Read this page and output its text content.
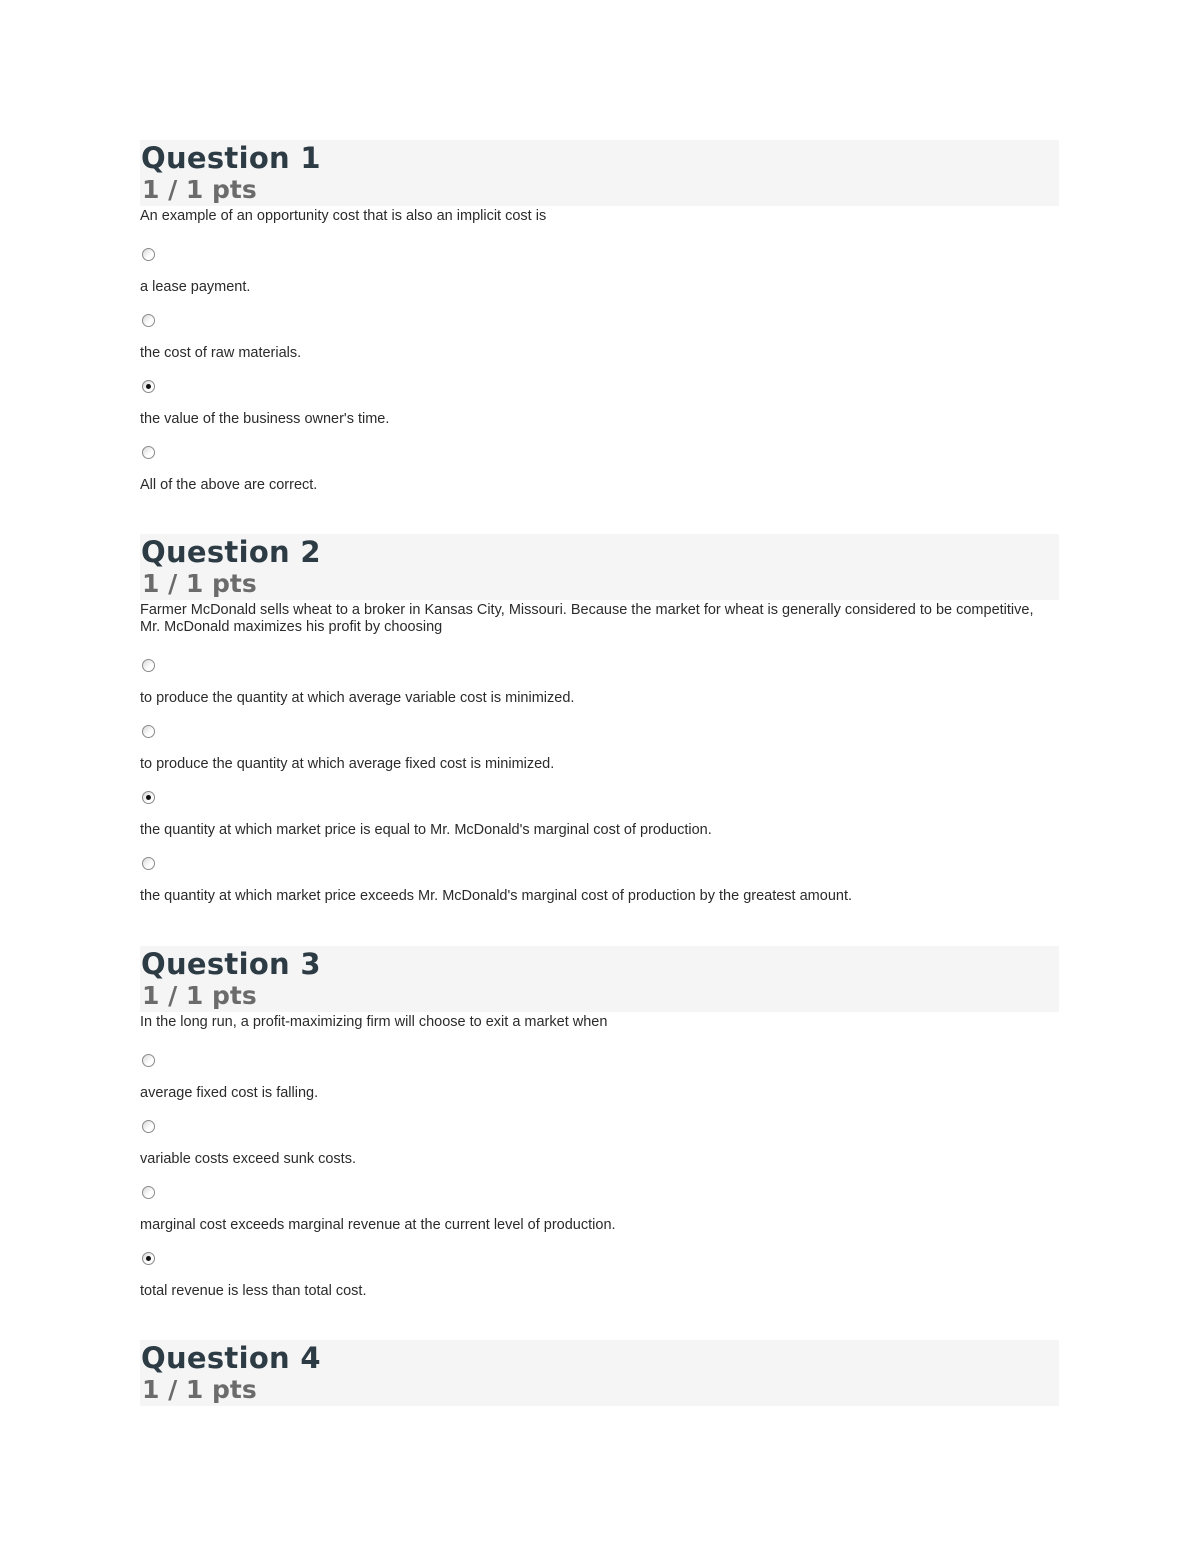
Question 1
1 / 1 pts

An example of an opportunity cost that is also an implicit cost is

a lease payment.
the cost of raw materials.
the value of the business owner's time.
All of the above are correct.
Question 2
1 / 1 pts

Farmer McDonald sells wheat to a broker in Kansas City, Missouri. Because the market for wheat is generally considered to be competitive, Mr. McDonald maximizes his profit by choosing

to produce the quantity at which average variable cost is minimized.
to produce the quantity at which average fixed cost is minimized.
the quantity at which market price is equal to Mr. McDonald's marginal cost of production.
the quantity at which market price exceeds Mr. McDonald's marginal cost of production by the greatest amount.
Question 3
1 / 1 pts

In the long run, a profit-maximizing firm will choose to exit a market when

average fixed cost is falling.
variable costs exceed sunk costs.
marginal cost exceeds marginal revenue at the current level of production.
total revenue is less than total cost.
Question 4
1 / 1 pts
